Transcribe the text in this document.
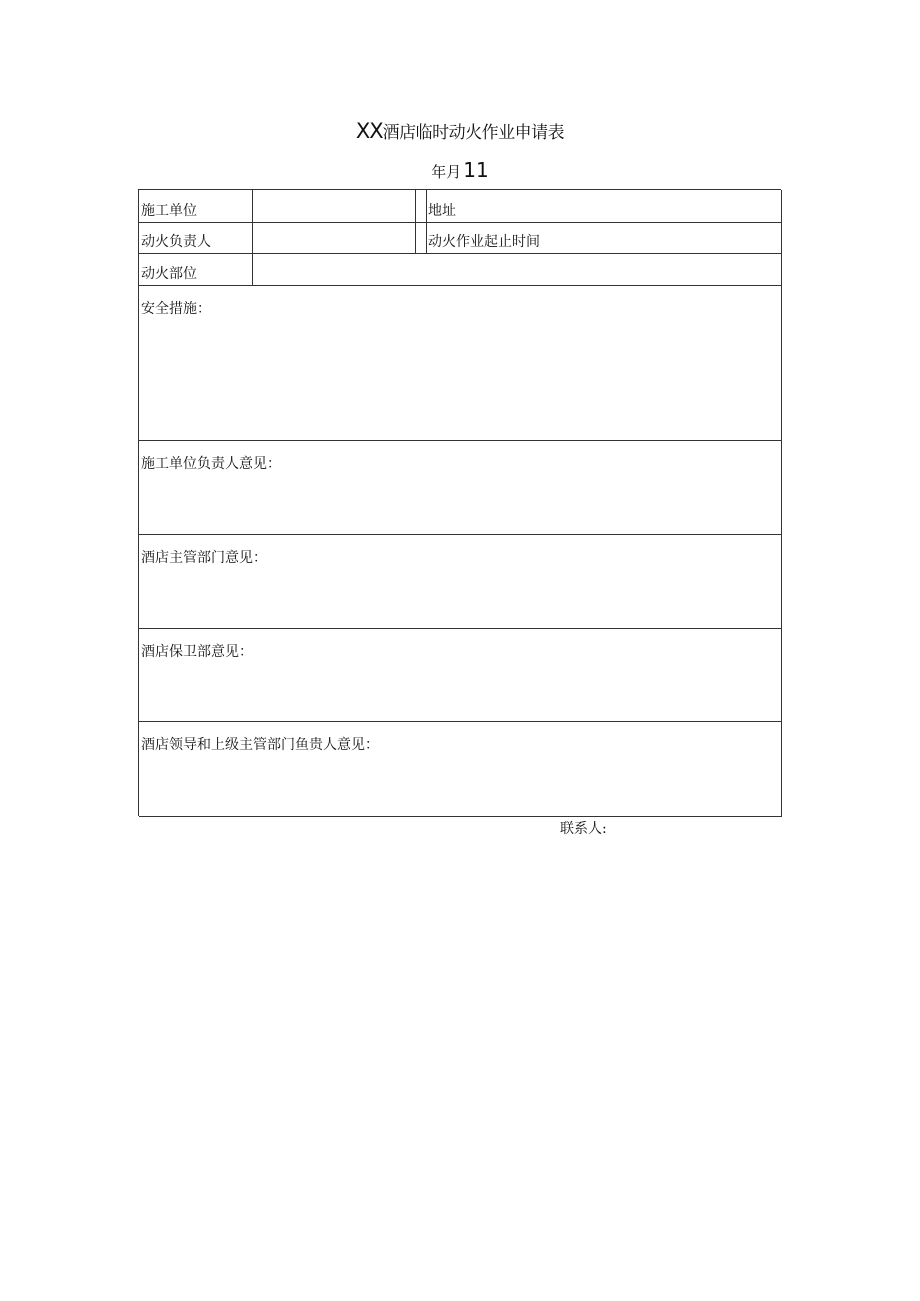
XX酒店临时动火作业申请表
年月 11
施工单位	地址
动火负责人	动火作业起止时间
动火部位
安全措施：
施工单位负责人意见：
酒店主管部门意见：
酒店保卫部意见：
酒店领导和上级主管部门鱼贵人意见：
联系人:
